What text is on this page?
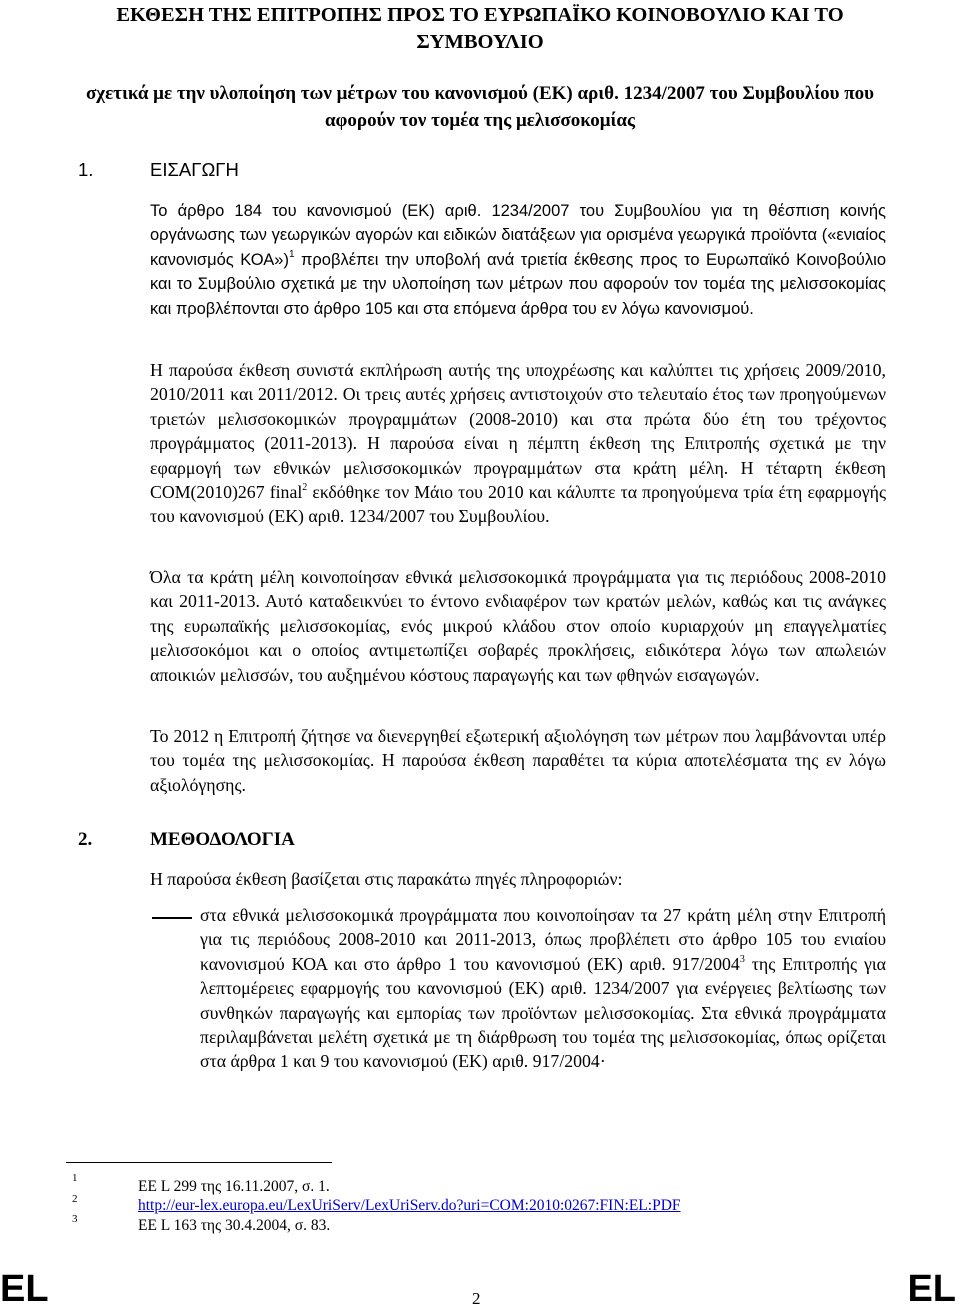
ΕΚΘΕΣΗ ΤΗΣ ΕΠΙΤΡΟΠΗΣ ΠΡΟΣ ΤΟ ΕΥΡΩΠΑΪΚΟ ΚΟΙΝΟΒΟΥΛΙΟ ΚΑΙ ΤΟ ΣΥΜΒΟΥΛΙΟ
σχετικά με την υλοποίηση των μέτρων του κανονισμού (ΕΚ) αριθ. 1234/2007 του Συμβουλίου που αφορούν τον τομέα της μελισσοκομίας
1.	ΕΙΣΑΓΩΓΗ

Το άρθρο 184 του κανονισμού (ΕΚ) αριθ. 1234/2007 του Συμβουλίου για τη θέσπιση κοινής οργάνωσης των γεωργικών αγορών και ειδικών διατάξεων για ορισμένα γεωργικά προϊόντα («ενιαίος κανονισμός ΚΟΑ»)$^1$ προβλέπει την υποβολή ανά τριετία έκθεσης προς το Ευρωπαϊκό Κοινοβούλιο και το Συμβούλιο σχετικά με την υλοποίηση των μέτρων που αφορούν τον τομέα της μελισσοκομίας και προβλέπονται στο άρθρο 105 και στα επόμενα άρθρα του εν λόγω κανονισμού.

Η παρούσα έκθεση συνιστά εκπλήρωση αυτής της υποχρέωσης και καλύπτει τις χρήσεις 2009/2010, 2010/2011 και 2011/2012. Οι τρεις αυτές χρήσεις αντιστοιχούν στο τελευταίο έτος των προηγούμενων τριετών μελισσοκομικών προγραμμάτων (2008-2010) και στα πρώτα δύο έτη του τρέχοντος προγράμματος (2011-2013). Η παρούσα είναι η πέμπτη έκθεση της Επιτροπής σχετικά με την εφαρμογή των εθνικών μελισσοκομικών προγραμμάτων στα κράτη μέλη. Η τέταρτη έκθεση COM(2010)267 final$^2$ εκδόθηκε τον Μάιο του 2010 και κάλυπτε τα προηγούμενα τρία έτη εφαρμογής του κανονισμού (ΕΚ) αριθ. 1234/2007 του Συμβουλίου.

Όλα τα κράτη μέλη κοινοποίησαν εθνικά μελισσοκομικά προγράμματα για τις περιόδους 2008-2010 και 2011-2013. Αυτό καταδεικνύει το έντονο ενδιαφέρον των κρατών μελών, καθώς και τις ανάγκες της ευρωπαϊκής μελισσοκομίας, ενός μικρού κλάδου στον οποίο κυριαρχούν μη επαγγελματίες μελισσοκόμοι και ο οποίος αντιμετωπίζει σοβαρές προκλήσεις, ειδικότερα λόγω των απωλειών αποικιών μελισσών, του αυξημένου κόστους παραγωγής και των φθηνών εισαγωγών.

Το 2012 η Επιτροπή ζήτησε να διενεργηθεί εξωτερική αξιολόγηση των μέτρων που λαμβάνονται υπέρ του τομέα της μελισσοκομίας. Η παρούσα έκθεση παραθέτει τα κύρια αποτελέσματα της εν λόγω αξιολόγησης.

2.	ΜΕΘΟΔΟΛΟΓΙΑ

Η παρούσα έκθεση βασίζεται στις παρακάτω πηγές πληροφοριών:

στα εθνικά μελισσοκομικά προγράμματα που κοινοποίησαν τα 27 κράτη μέλη στην Επιτροπή για τις περιόδους 2008-2010 και 2011-2013, όπως προβλέπετι στο άρθρο 105 του ενιαίου κανονισμού ΚΟΑ και στο άρθρο 1 του κανονισμού (ΕΚ) αριθ. 917/2004$^3$ της Επιτροπής για λεπτομέρειες εφαρμογής του κανονισμού (ΕΚ) αριθ. 1234/2007 για ενέργειες βελτίωσης των συνθηκών παραγωγής και εμπορίας των προϊόντων μελισσοκομίας. Στα εθνικά προγράμματα περιλαμβάνεται μελέτη σχετικά με τη διάρθρωση του τομέα της μελισσοκομίας, όπως ορίζεται στα άρθρα 1 και 9 του κανονισμού (ΕΚ) αριθ. 917/2004·
1	ΕΕ L 299 της 16.11.2007, σ. 1.
2	http://eur-lex.europa.eu/LexUriServ/LexUriServ.do?uri=COM:2010:0267:FIN:EL:PDF
3	ΕΕ L 163 της 30.4.2004, σ. 83.
EL	2	EL
